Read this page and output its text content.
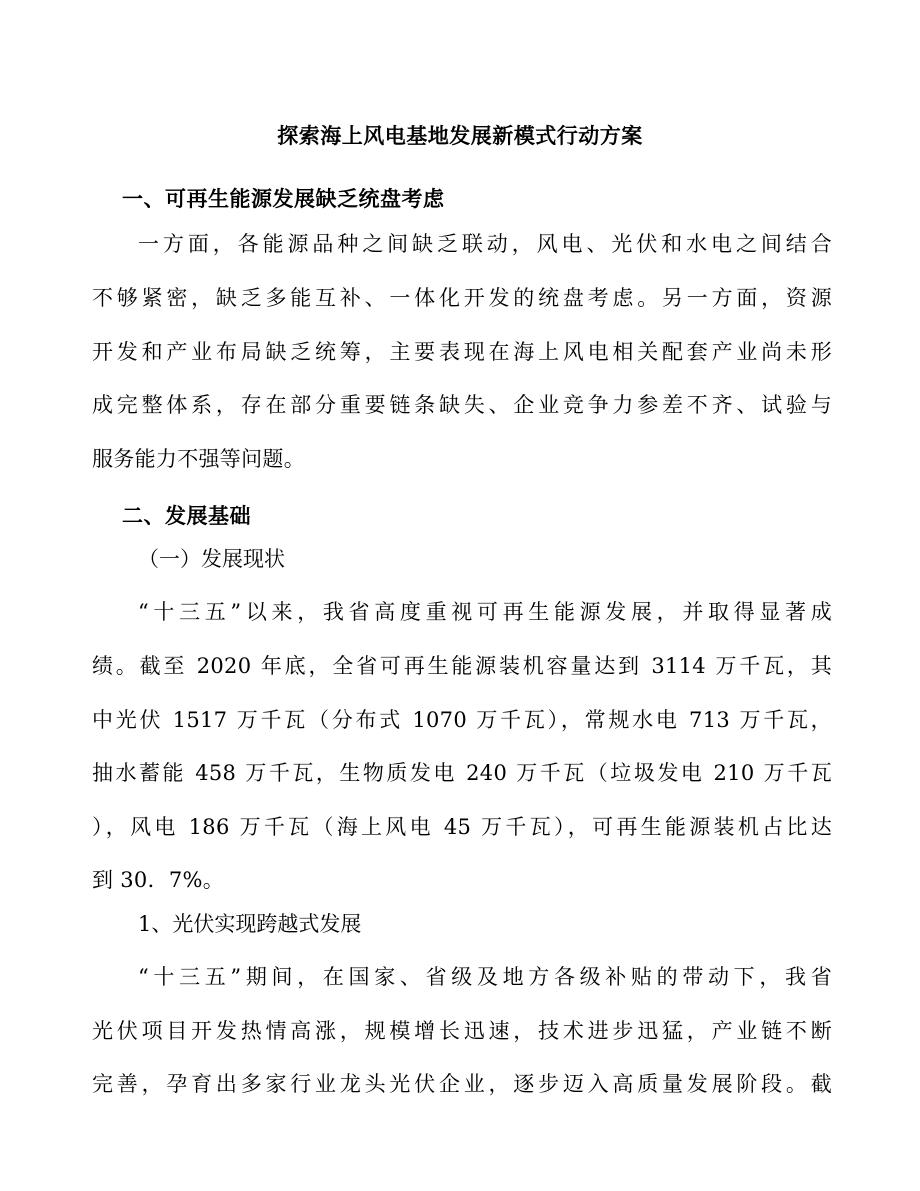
探索海上风电基地发展新模式行动方案
一、可再生能源发展缺乏统盘考虑
一方面，各能源品种之间缺乏联动，风电、光伏和水电之间结合
不够紧密，缺乏多能互补、一体化开发的统盘考虑。另一方面，资源
开发和产业布局缺乏统筹，主要表现在海上风电相关配套产业尚未形
成完整体系，存在部分重要链条缺失、企业竞争力参差不齐、试验与
服务能力不强等问题。
二、发展基础
（一）发展现状
“十三五”以来，我省高度重视可再生能源发展，并取得显著成
绩。截至 2020 年底，全省可再生能源装机容量达到 3114 万千瓦，其
中光伏 1517 万千瓦（分布式 1070 万千瓦），常规水电 713 万千瓦，
抽水蓄能 458 万千瓦，生物质发电 240 万千瓦（垃圾发电 210 万千瓦
），风电 186 万千瓦（海上风电 45 万千瓦），可再生能源装机占比达
到 30．7%。
1、光伏实现跨越式发展
“十三五”期间，在国家、省级及地方各级补贴的带动下，我省
光伏项目开发热情高涨，规模增长迅速，技术进步迅猛，产业链不断
完善，孕育出多家行业龙头光伏企业，逐步迈入高质量发展阶段。截
